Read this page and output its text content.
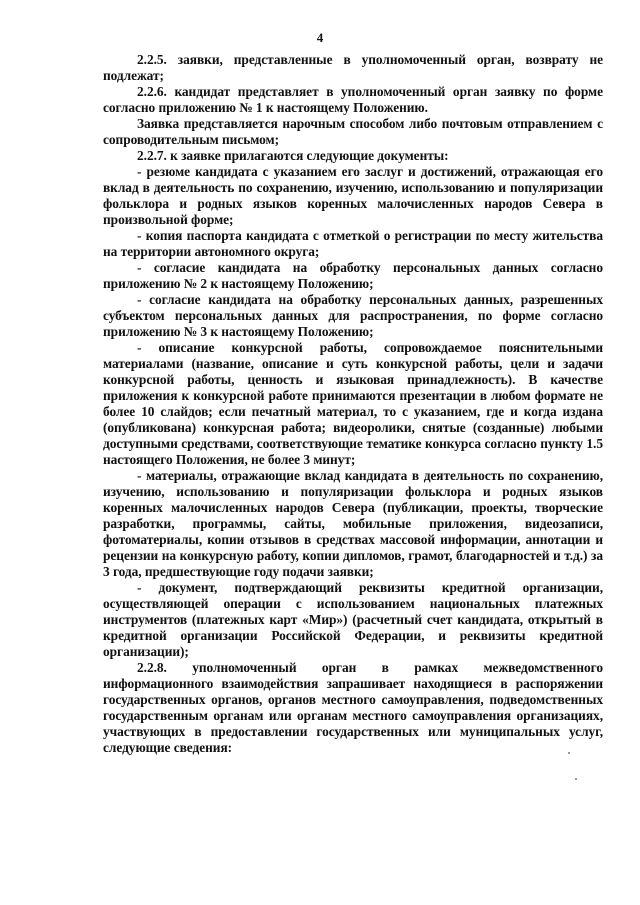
4

2.2.5. заявки, представленные в уполномоченный орган, возврату не подлежат;

2.2.6. кандидат представляет в уполномоченный орган заявку по форме согласно приложению № 1 к настоящему Положению.

Заявка представляется нарочным способом либо почтовым отправлением с сопроводительным письмом;

2.2.7. к заявке прилагаются следующие документы:

- резюме кандидата с указанием его заслуг и достижений, отражающая его вклад в деятельность по сохранению, изучению, использованию и популяризации фольклора и родных языков коренных малочисленных народов Севера в произвольной форме;

- копия паспорта кандидата с отметкой о регистрации по месту жительства на территории автономного округа;

- согласие кандидата на обработку персональных данных согласно приложению № 2 к настоящему Положению;

- согласие кандидата на обработку персональных данных, разрешенных субъектом персональных данных для распространения, по форме согласно приложению № 3 к настоящему Положению;

- описание конкурсной работы, сопровождаемое пояснительными материалами (название, описание и суть конкурсной работы, цели и задачи конкурсной работы, ценность и языковая принадлежность). В качестве приложения к конкурсной работе принимаются презентации в любом формате не более 10 слайдов; если печатный материал, то с указанием, где и когда издана (опубликована) конкурсная работа; видеоролики, снятые (созданные) любыми доступными средствами, соответствующие тематике конкурса согласно пункту 1.5 настоящего Положения, не более 3 минут;

- материалы, отражающие вклад кандидата в деятельность по сохранению, изучению, использованию и популяризации фольклора и родных языков коренных малочисленных народов Севера (публикации, проекты, творческие разработки, программы, сайты, мобильные приложения, видеозаписи, фотоматериалы, копии отзывов в средствах массовой информации, аннотации и рецензии на конкурсную работу, копии дипломов, грамот, благодарностей и т.д.) за 3 года, предшествующие году подачи заявки;

- документ, подтверждающий реквизиты кредитной организации, осуществляющей операции с использованием национальных платежных инструментов (платежных карт «Мир») (расчетный счет кандидата, открытый в кредитной организации Российской Федерации, и реквизиты кредитной организации);

2.2.8. уполномоченный орган в рамках межведомственного информационного взаимодействия запрашивает находящиеся в распоряжении государственных органов, органов местного самоуправления, подведомственных государственным органам или органам местного самоуправления организациях, участвующих в предоставлении государственных или муниципальных услуг, следующие сведения:
